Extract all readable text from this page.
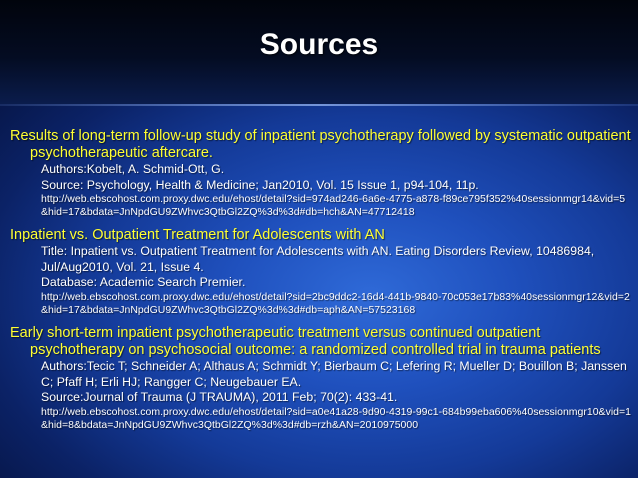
Sources
Results of long-term follow-up study of inpatient psychotherapy followed by systematic outpatient psychotherapeutic aftercare.
Authors:Kobelt, A. Schmid-Ott, G.
Source: Psychology, Health & Medicine; Jan2010, Vol. 15 Issue 1, p94-104, 11p.
http://web.ebscohost.com.proxy.dwc.edu/ehost/detail?sid=974ad246-6a6e-4775-a878-f89ce795f352%40sessionmgr14&vid=5&hid=17&bdata=JnNpdGU9ZWhvc3QtbGl2ZQ%3d%3d#db=hch&AN=47712418
Inpatient vs. Outpatient Treatment for Adolescents with AN
Title: Inpatient vs. Outpatient Treatment for Adolescents with AN. Eating Disorders Review, 10486984, Jul/Aug2010, Vol. 21, Issue 4.
Database: Academic Search Premier.
http://web.ebscohost.com.proxy.dwc.edu/ehost/detail?sid=2bc9ddc2-16d4-441b-9840-70c053e17b83%40sessionmgr12&vid=2&hid=17&bdata=JnNpdGU9ZWhvc3QtbGl2ZQ%3d%3d#db=aph&AN=57523168
Early short-term inpatient psychotherapeutic treatment versus continued outpatient psychotherapy on psychosocial outcome: a randomized controlled trial in trauma patients
Authors:Tecic T; Schneider A; Althaus A; Schmidt Y; Bierbaum C; Lefering R; Mueller D; Bouillon B; Janssen C; Pfaff H; Erli HJ; Rangger C; Neugebauer EA.
Source:Journal of Trauma (J TRAUMA), 2011 Feb; 70(2): 433-41.
http://web.ebscohost.com.proxy.dwc.edu/ehost/detail?sid=a0e41a28-9d90-4319-99c1-684b99eba606%40sessionmgr10&vid=1&hid=8&bdata=JnNpdGU9ZWhvc3QtbGl2ZQ%3d%3d#db=rzh&AN=2010975000
